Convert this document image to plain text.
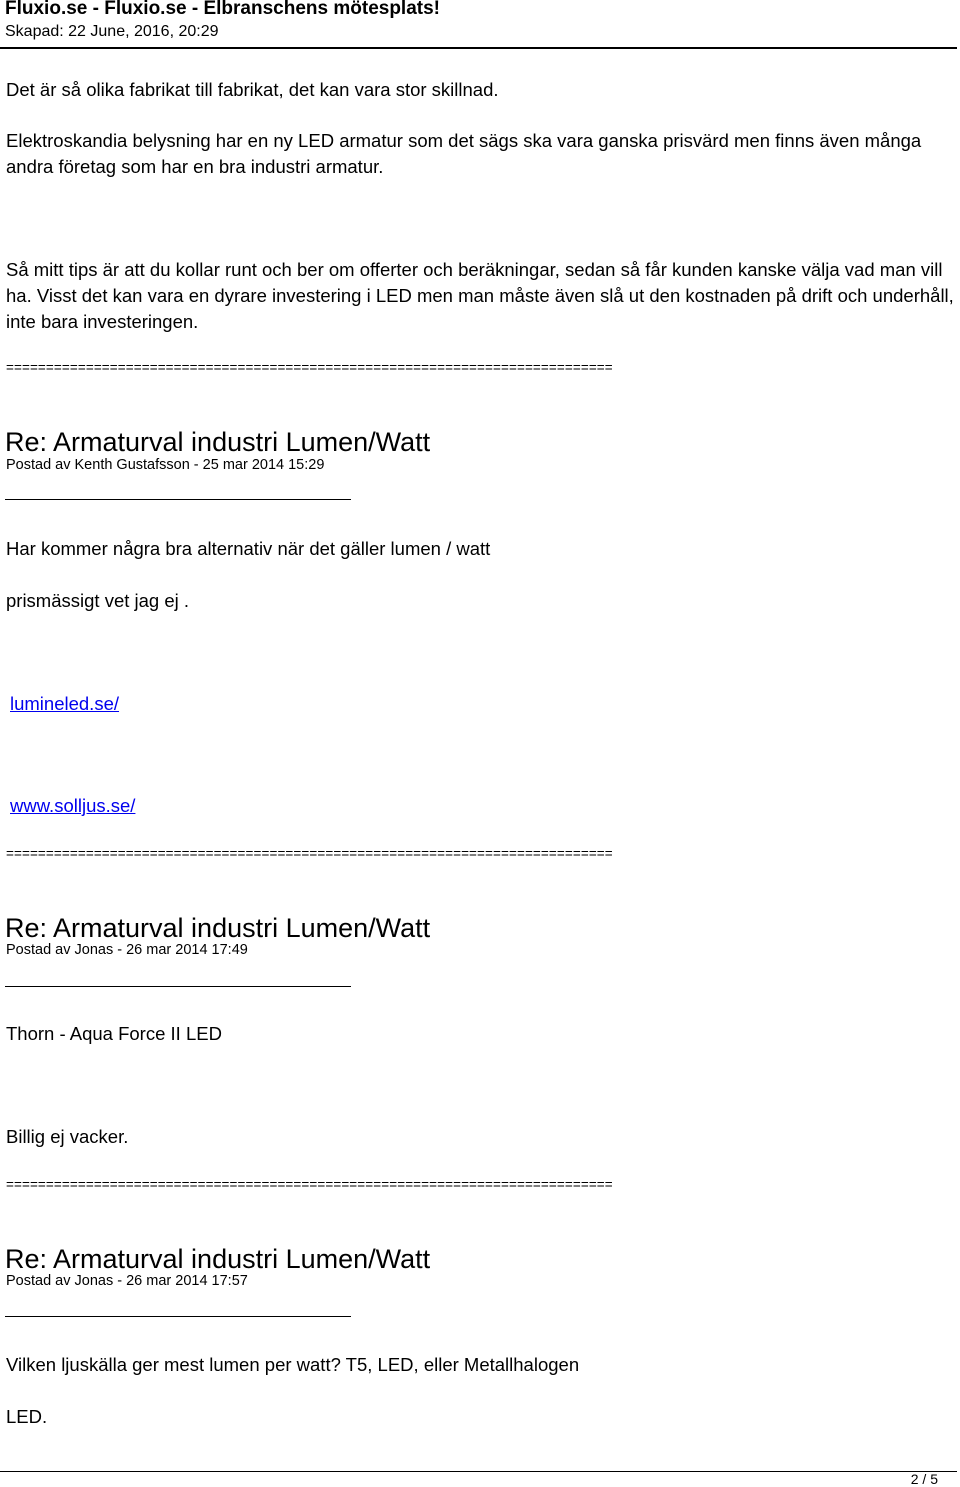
Fluxio.se - Fluxio.se - Elbranschens mötesplats!
Skapad: 22 June, 2016, 20:29
Det är så olika fabrikat till fabrikat, det kan vara stor skillnad.
Elektroskandia belysning har en ny LED armatur som det sägs ska vara ganska prisvärd men finns även många andra företag som har en bra industri armatur.
Så mitt tips är att du kollar runt och ber om offerter och beräkningar, sedan så får kunden kanske välja vad man vill ha. Visst det kan vara en dyrare investering i LED men man måste även slå ut den kostnaden på drift och underhåll, inte bara investeringen.
============================================================================
Re: Armaturval industri Lumen/Watt
Postad av Kenth Gustafsson - 25 mar 2014 15:29
Har kommer några bra alternativ när det gäller lumen / watt
prismässigt vet jag ej .
lumineled.se/
www.solljus.se/
============================================================================
Re: Armaturval industri Lumen/Watt
Postad av Jonas - 26 mar 2014 17:49
Thorn - Aqua Force II LED
Billig ej vacker.
============================================================================
Re: Armaturval industri Lumen/Watt
Postad av Jonas - 26 mar 2014 17:57
Vilken ljuskälla ger mest lumen per watt? T5, LED, eller Metallhalogen
LED.
2 / 5
